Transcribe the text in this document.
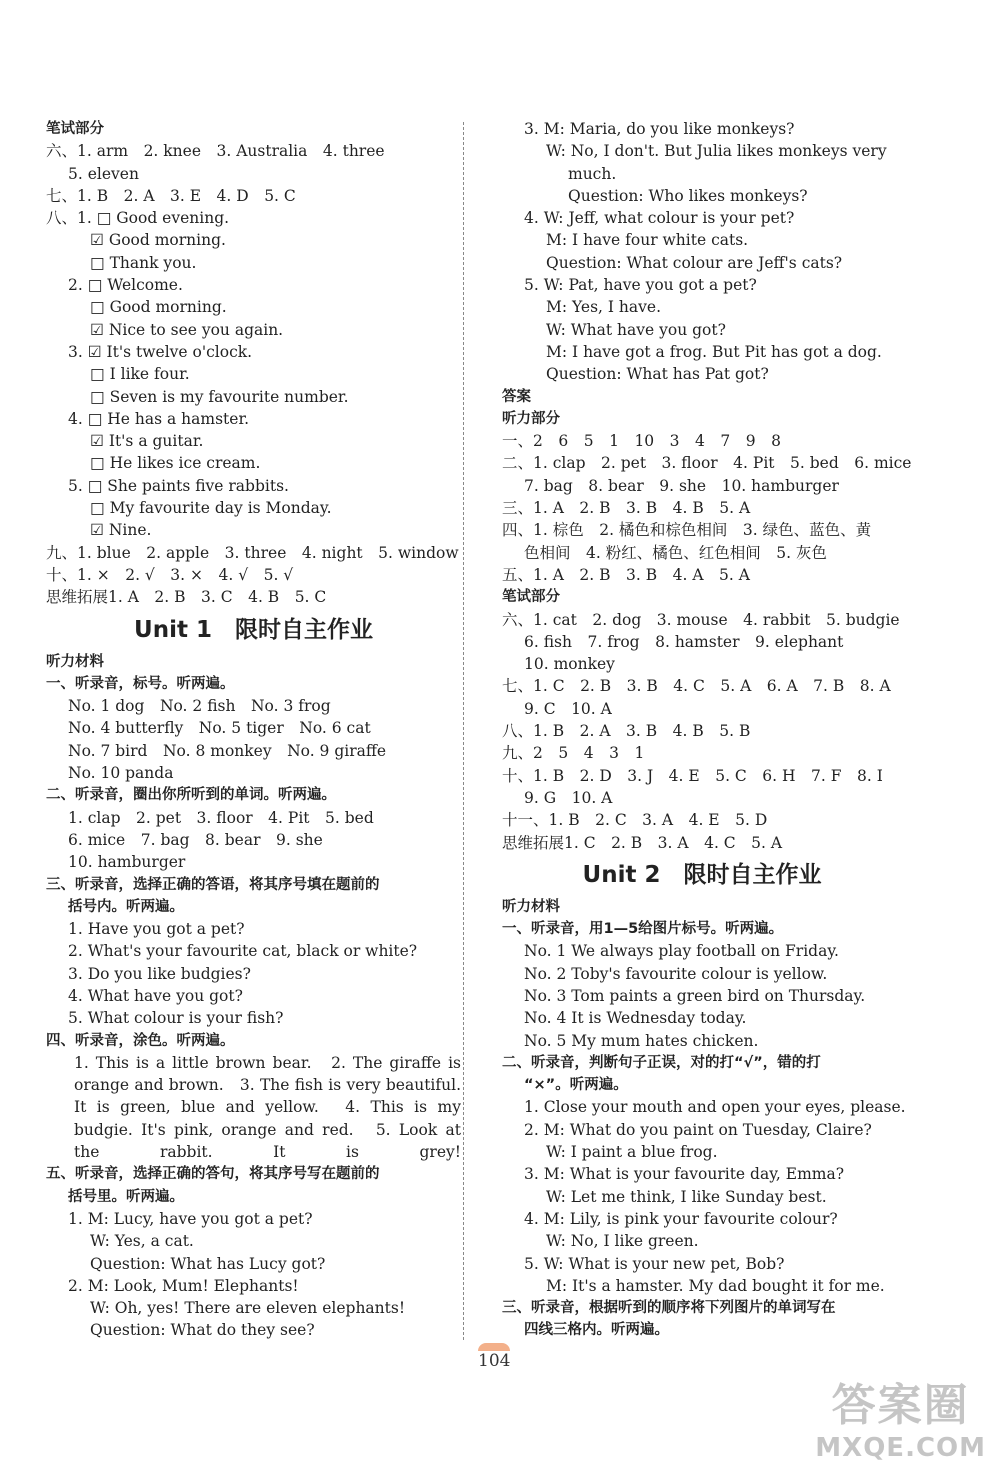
笔试部分
六、1. arm　2. knee　3. Australia　4. three
5. eleven
七、1. B　2. A　3. E　4. D　5. C
八、1. □ Good evening.
☑ Good morning.
□ Thank you.
2. □ Welcome.
□ Good morning.
☑ Nice to see you again.
3. ☑ It's twelve o'clock.
□ I like four.
□ Seven is my favourite number.
4. □ He has a hamster.
☑ It's a guitar.
□ He likes ice cream.
5. □ She paints five rabbits.
□ My favourite day is Monday.
☑ Nine.
九、1. blue　2. apple　3. three　4. night　5. window
十、1. ×　2. √　3. ×　4. √　5. √
思维拓展1. A　2. B　3. C　4. B　5. C
Unit 1　限时自主作业
听力材料
一、听录音，标号。听两遍。
No. 1 dog　No. 2 fish　No. 3 frog
No. 4 butterfly　No. 5 tiger　No. 6 cat
No. 7 bird　No. 8 monkey　No. 9 giraffe
No. 10 panda
二、听录音，圈出你所听到的单词。听两遍。
1. clap　2. pet　3. floor　4. Pit　5. bed
6. mice　7. bag　8. bear　9. she
10. hamburger
三、听录音，选择正确的答语，将其序号填在题前的
括号内。听两遍。
1. Have you got a pet?
2. What's your favourite cat, black or white?
3. Do you like budgies?
4. What have you got?
5. What colour is your fish?
四、听录音，涂色。听两遍。
1. This is a little brown bear.　2. The giraffe is orange and brown.　3. The fish is very beautiful. It is green, blue and yellow.　4. This is my budgie. It's pink, orange and red.　5. Look at the rabbit. It is grey!
五、听录音，选择正确的答句，将其序号写在题前的
括号里。听两遍。
1. M: Lucy, have you got a pet?
W: Yes, a cat.
Question: What has Lucy got?
2. M: Look, Mum! Elephants!
W: Oh, yes! There are eleven elephants!
Question: What do they see?
3. M: Maria, do you like monkeys?
W: No, I don't. But Julia likes monkeys very
much.
Question: Who likes monkeys?
4. W: Jeff, what colour is your pet?
M: I have four white cats.
Question: What colour are Jeff's cats?
5. W: Pat, have you got a pet?
M: Yes, I have.
W: What have you got?
M: I have got a frog. But Pit has got a dog.
Question: What has Pat got?
答案
听力部分
一、2　6　5　1　10　3　4　7　9　8
二、1. clap　2. pet　3. floor　4. Pit　5. bed　6. mice
7. bag　8. bear　9. she　10. hamburger
三、1. A　2. B　3. B　4. B　5. A
四、1. 棕色　2. 橘色和棕色相间　3. 绿色、蓝色、黄
色相间　4. 粉红、橘色、红色相间　5. 灰色
五、1. A　2. B　3. B　4. A　5. A
笔试部分
六、1. cat　2. dog　3. mouse　4. rabbit　5. budgie
6. fish　7. frog　8. hamster　9. elephant
10. monkey
七、1. C　2. B　3. B　4. C　5. A　6. A　7. B　8. A
9. C　10. A
八、1. B　2. A　3. B　4. B　5. B
九、2　5　4　3　1
十、1. B　2. D　3. J　4. E　5. C　6. H　7. F　8. I
9. G　10. A
十一、1. B　2. C　3. A　4. E　5. D
思维拓展1. C　2. B　3. A　4. C　5. A
Unit 2　限时自主作业
听力材料
一、听录音，用1—5给图片标号。听两遍。
No. 1 We always play football on Friday.
No. 2 Toby's favourite colour is yellow.
No. 3 Tom paints a green bird on Thursday.
No. 4 It is Wednesday today.
No. 5 My mum hates chicken.
二、听录音，判断句子正误，对的打“√”，错的打
“×”。听两遍。
1. Close your mouth and open your eyes, please.
2. M: What do you paint on Tuesday, Claire?
W: I paint a blue frog.
3. M: What is your favourite day, Emma?
W: Let me think, I like Sunday best.
4. M: Lily, is pink your favourite colour?
W: No, I like green.
5. W: What is your new pet, Bob?
M: It's a hamster. My dad bought it for me.
三、听录音，根据听到的顺序将下列图片的单词写在
四线三格内。听两遍。
104
答案圈
MXQE.COM
